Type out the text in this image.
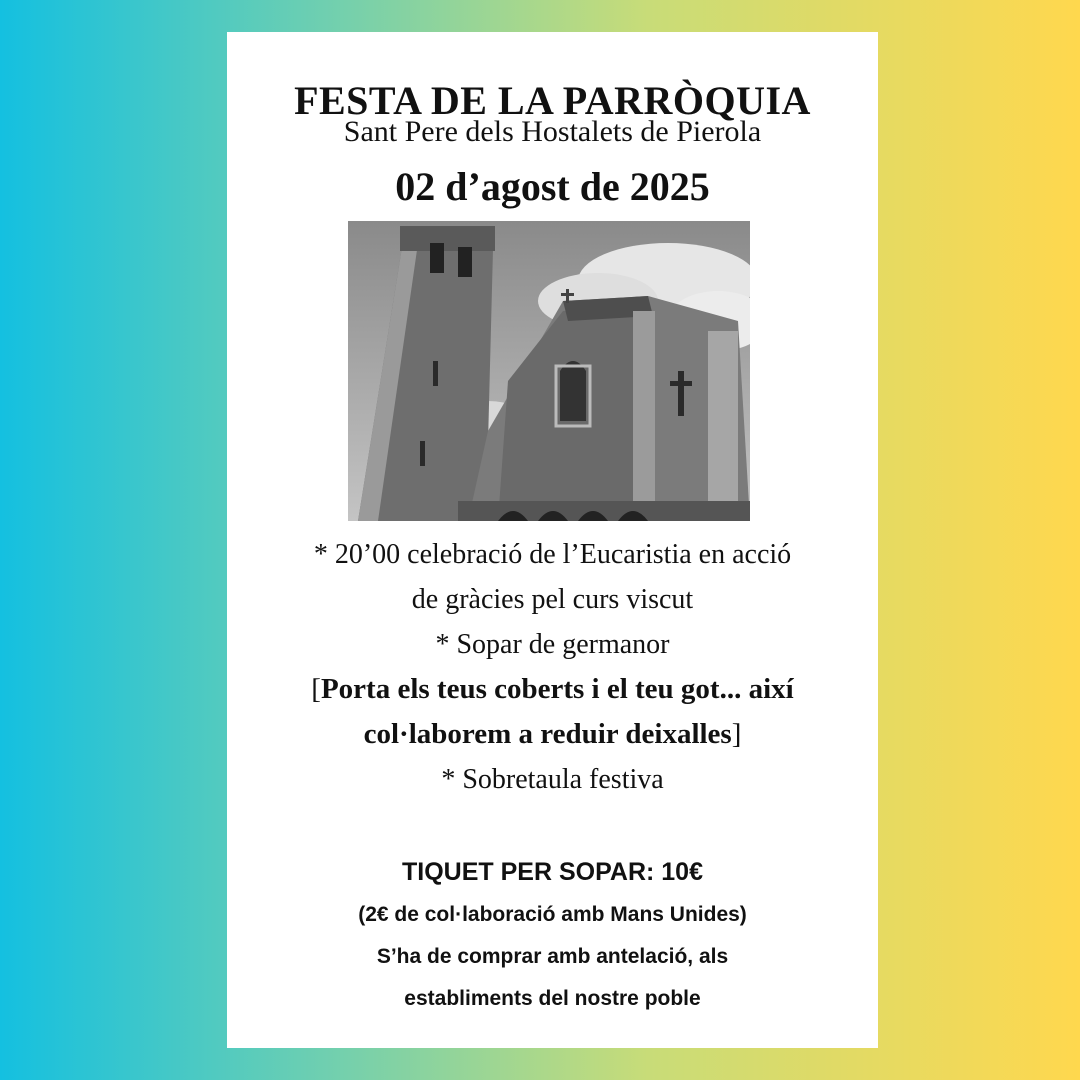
FESTA DE LA PARRÒQUIA
Sant Pere dels Hostalets de Pierola
02 d’agost de 2025
* 20’00 celebració de l’Eucaristia en acció
de gràcies pel curs viscut
* Sopar de germanor
[Porta els teus coberts i el teu got... així
col·laborem a reduir deixalles]
* Sobretaula festiva
TIQUET PER SOPAR: 10€
(2€ de col·laboració amb Mans Unides)
S’ha de comprar amb antelació, als
establiments del nostre poble
